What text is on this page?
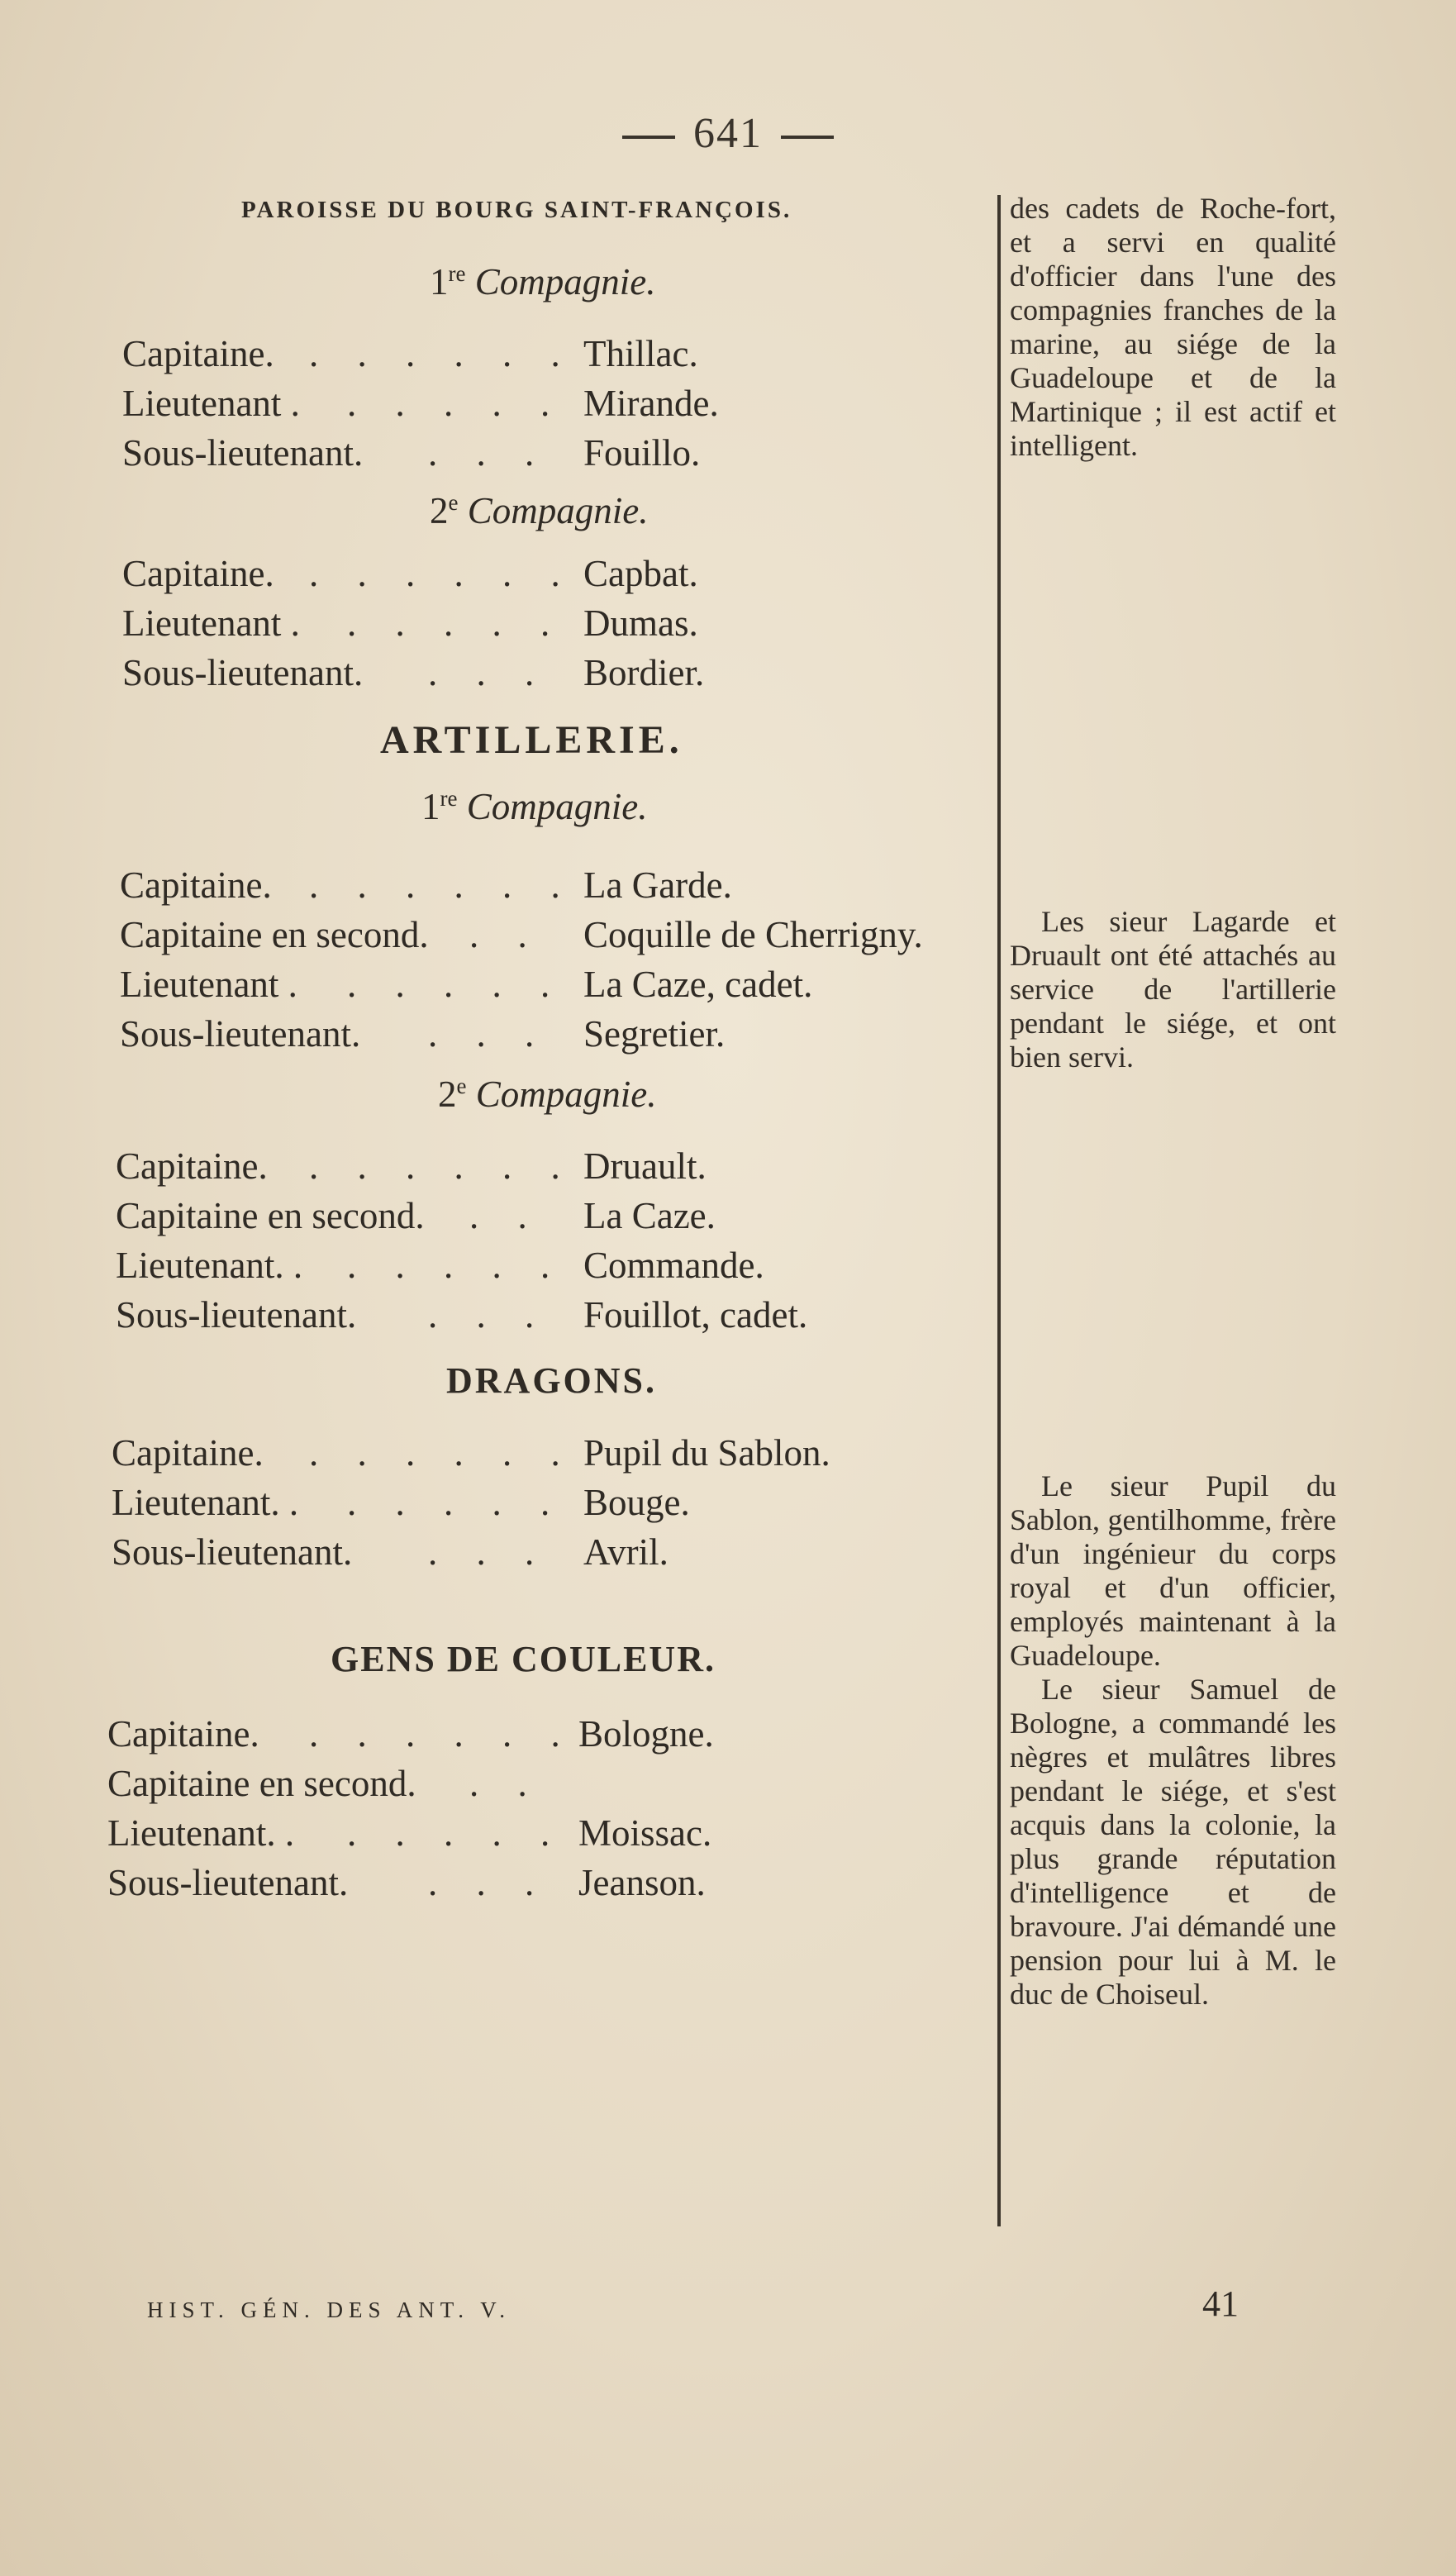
641
PAROISSE DU BOURG SAINT-FRANÇOIS.
1re Compagnie.
Capitaine. . . . . . . Thillac.
Lieutenant . . . . . . Mirande.
Sous-lieutenant. . . . Fouillo.
2e Compagnie.
Capitaine. . . . . . . Capbat.
Lieutenant . . . . . . Dumas.
Sous-lieutenant. . . . Bordier.
ARTILLERIE.
1re Compagnie.
Capitaine. . . . . . . La Garde.
Capitaine en second. . . Coquille de Cherrigny.
Lieutenant . . . . . . La Caze, cadet.
Sous-lieutenant. . . . Segretier.
2e Compagnie.
Capitaine. . . . . . . Druault.
Capitaine en second. . . La Caze.
Lieutenant. . . . . . . Commande.
Sous-lieutenant. . . . Fouillot, cadet.
DRAGONS.
Capitaine. . . . . . . Pupil du Sablon.
Lieutenant. . . . . . . Bouge.
Sous-lieutenant. . . . Avril.
GENS DE COULEUR.
Capitaine. . . . . . . Bologne.
Capitaine en second. . .
Lieutenant. . . . . . . Moissac.
Sous-lieutenant. . . . Jeanson.
HIST. GÉN. DES ANT. V.

des cadets de Roche-fort, et a servi en qualité d'officier dans l'une des compagnies franches de la marine, au siége de la Guadeloupe et de la Martinique ; il est actif et intelligent.

Les sieur Lagarde et Druault ont été attachés au service de l'artillerie pendant le siége, et ont bien servi.

Le sieur Pupil du Sablon, gentilhomme, frère d'un ingénieur du corps royal et d'un officier, employés maintenant à la Guadeloupe.

Le sieur Samuel de Bologne, a commandé les nègres et mulâtres libres pendant le siége, et s'est acquis dans la colonie, la plus grande réputation d'intelligence et de bravoure. J'ai démandé une pension pour lui à M. le duc de Choiseul.

41
